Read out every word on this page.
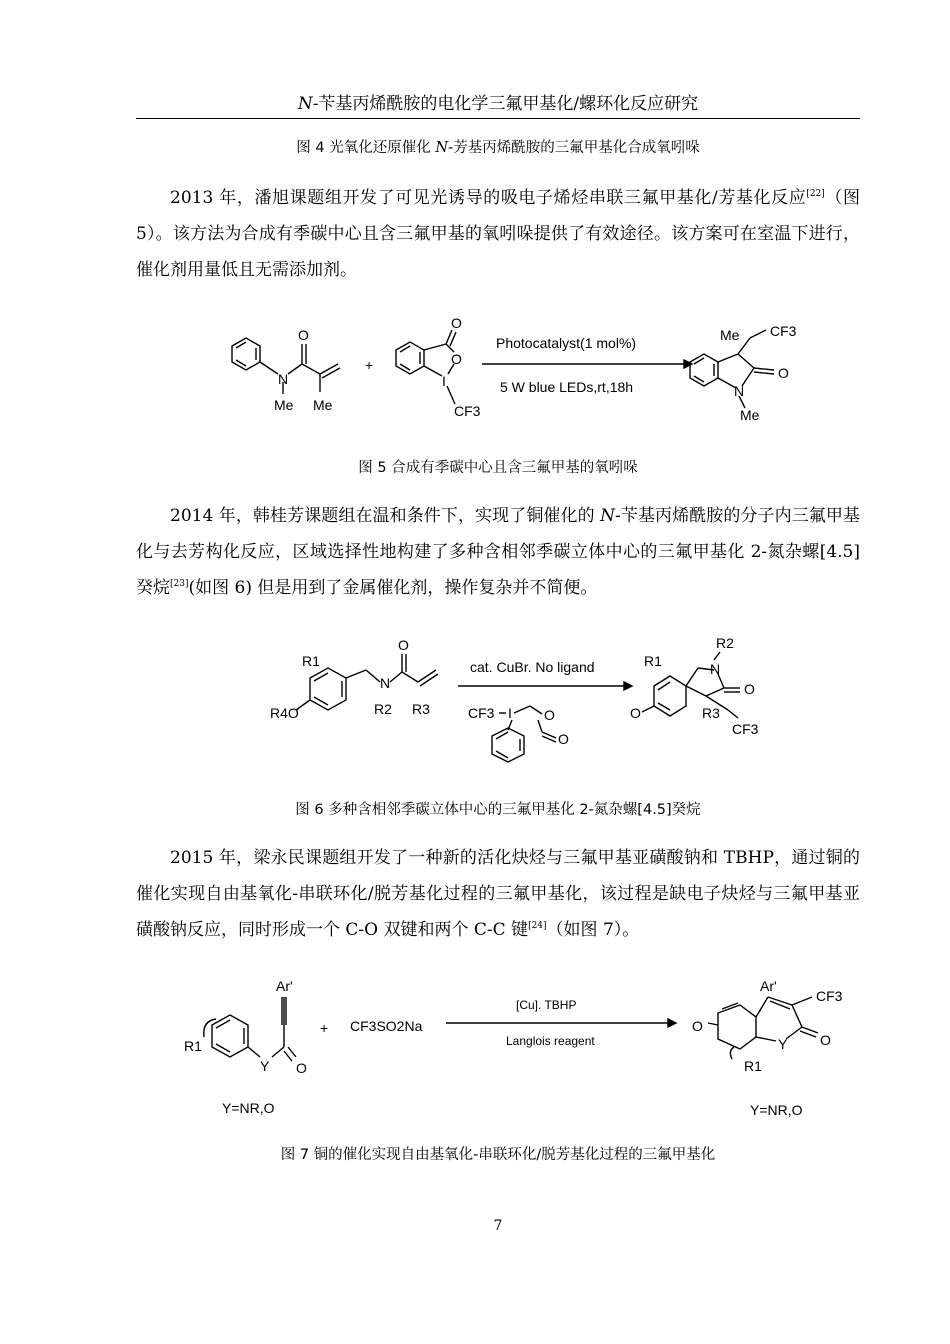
N-苄基丙烯酰胺的电化学三氟甲基化/螺环化反应研究
图 4 光氧化还原催化 N-芳基丙烯酰胺的三氟甲基化合成氧吲哚
2013 年，潘旭课题组开发了可见光诱导的吸电子烯烃串联三氟甲基化/芳基化反应[22]（图 5）。该方法为合成有季碳中心且含三氟甲基的氧吲哚提供了有效途径。该方案可在室温下进行，催化剂用量低且无需添加剂。
N
O
Me Me
+
O
O
I
CF3
Photocatalyst(1 mol%)
5 W blue LEDs,rt,18h
Me CF3
O
N
Me
图 5 合成有季碳中心且含三氟甲基的氧吲哚
2014 年，韩桂芳课题组在温和条件下，实现了铜催化的 N-苄基丙烯酰胺的分子内三氟甲基化与去芳构化反应，区域选择性地构建了多种含相邻季碳立体中心的三氟甲基化 2-氮杂螺[4.5]癸烷[23](如图 6) 但是用到了金属催化剂，操作复杂并不简便。
N
O
R1
R4O	R2 R3
cat. CuBr. No ligand
CF3 I O
O
O
R1	N
R2
O
R3
CF3
图 6 多种含相邻季碳立体中心的三氟甲基化 2-氮杂螺[4.5]癸烷
2015 年，梁永民课题组开发了一种新的活化炔烃与三氟甲基亚磺酸钠和 TBHP，通过铜的催化实现自由基氧化-串联环化/脱芳基化过程的三氟甲基化，该过程是缺电子炔烃与三氟甲基亚磺酸钠反应，同时形成一个 C-O 双键和两个 C-C 键[24]（如图 7）。
R1
Y O
Ar'
Y=NR,O
+ CF3SO2Na
[Cu]. TBHP
Langlois reagent
O
Ar'
CF3
Y O
R1
Y=NR,O
图 7 铜的催化实现自由基氧化-串联环化/脱芳基化过程的三氟甲基化
7
